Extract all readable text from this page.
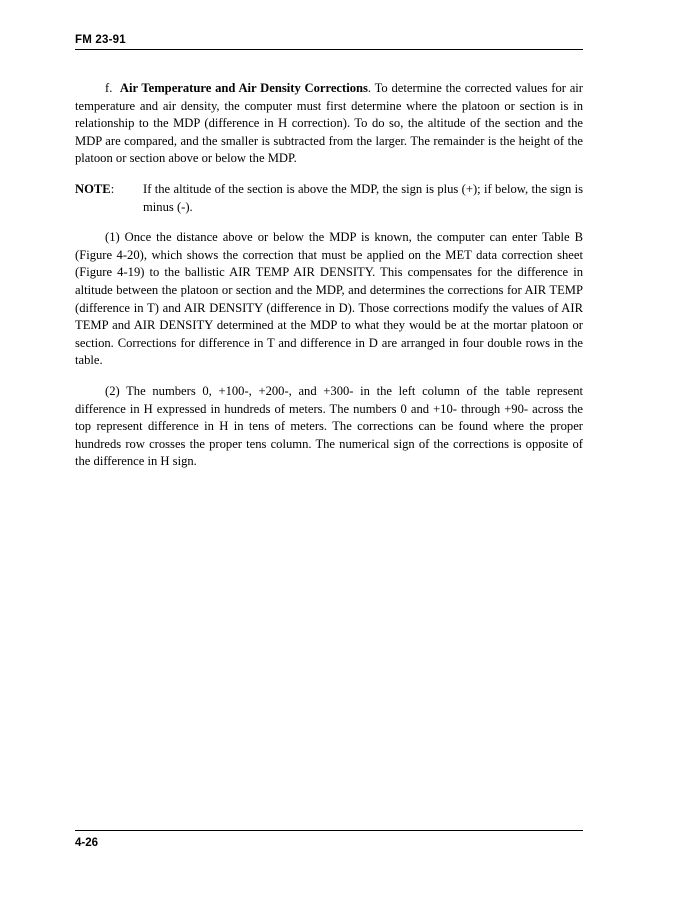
FM 23-91

f. Air Temperature and Air Density Corrections. To determine the corrected values for air temperature and air density, the computer must first determine where the platoon or section is in relationship to the MDP (difference in H correction). To do so, the altitude of the section and the MDP are compared, and the smaller is subtracted from the larger. The remainder is the height of the platoon or section above or below the MDP.

NOTE:	If the altitude of the section is above the MDP, the sign is plus (+); if below, the sign is minus (-).

(1) Once the distance above or below the MDP is known, the computer can enter Table B (Figure 4-20), which shows the correction that must be applied on the MET data correction sheet (Figure 4-19) to the ballistic AIR TEMP AIR DENSITY. This compensates for the difference in altitude between the platoon or section and the MDP, and determines the corrections for AIR TEMP (difference in T) and AIR DENSITY (difference in D). Those corrections modify the values of AIR TEMP and AIR DENSITY determined at the MDP to what they would be at the mortar platoon or section. Corrections for difference in T and difference in D are arranged in four double rows in the table.

(2) The numbers 0, +100-, +200-, and +300- in the left column of the table represent difference in H expressed in hundreds of meters. The numbers 0 and +10- through +90- across the top represent difference in H in tens of meters. The corrections can be found where the proper hundreds row crosses the proper tens column. The numerical sign of the corrections is opposite of the difference in H sign.

4-26
